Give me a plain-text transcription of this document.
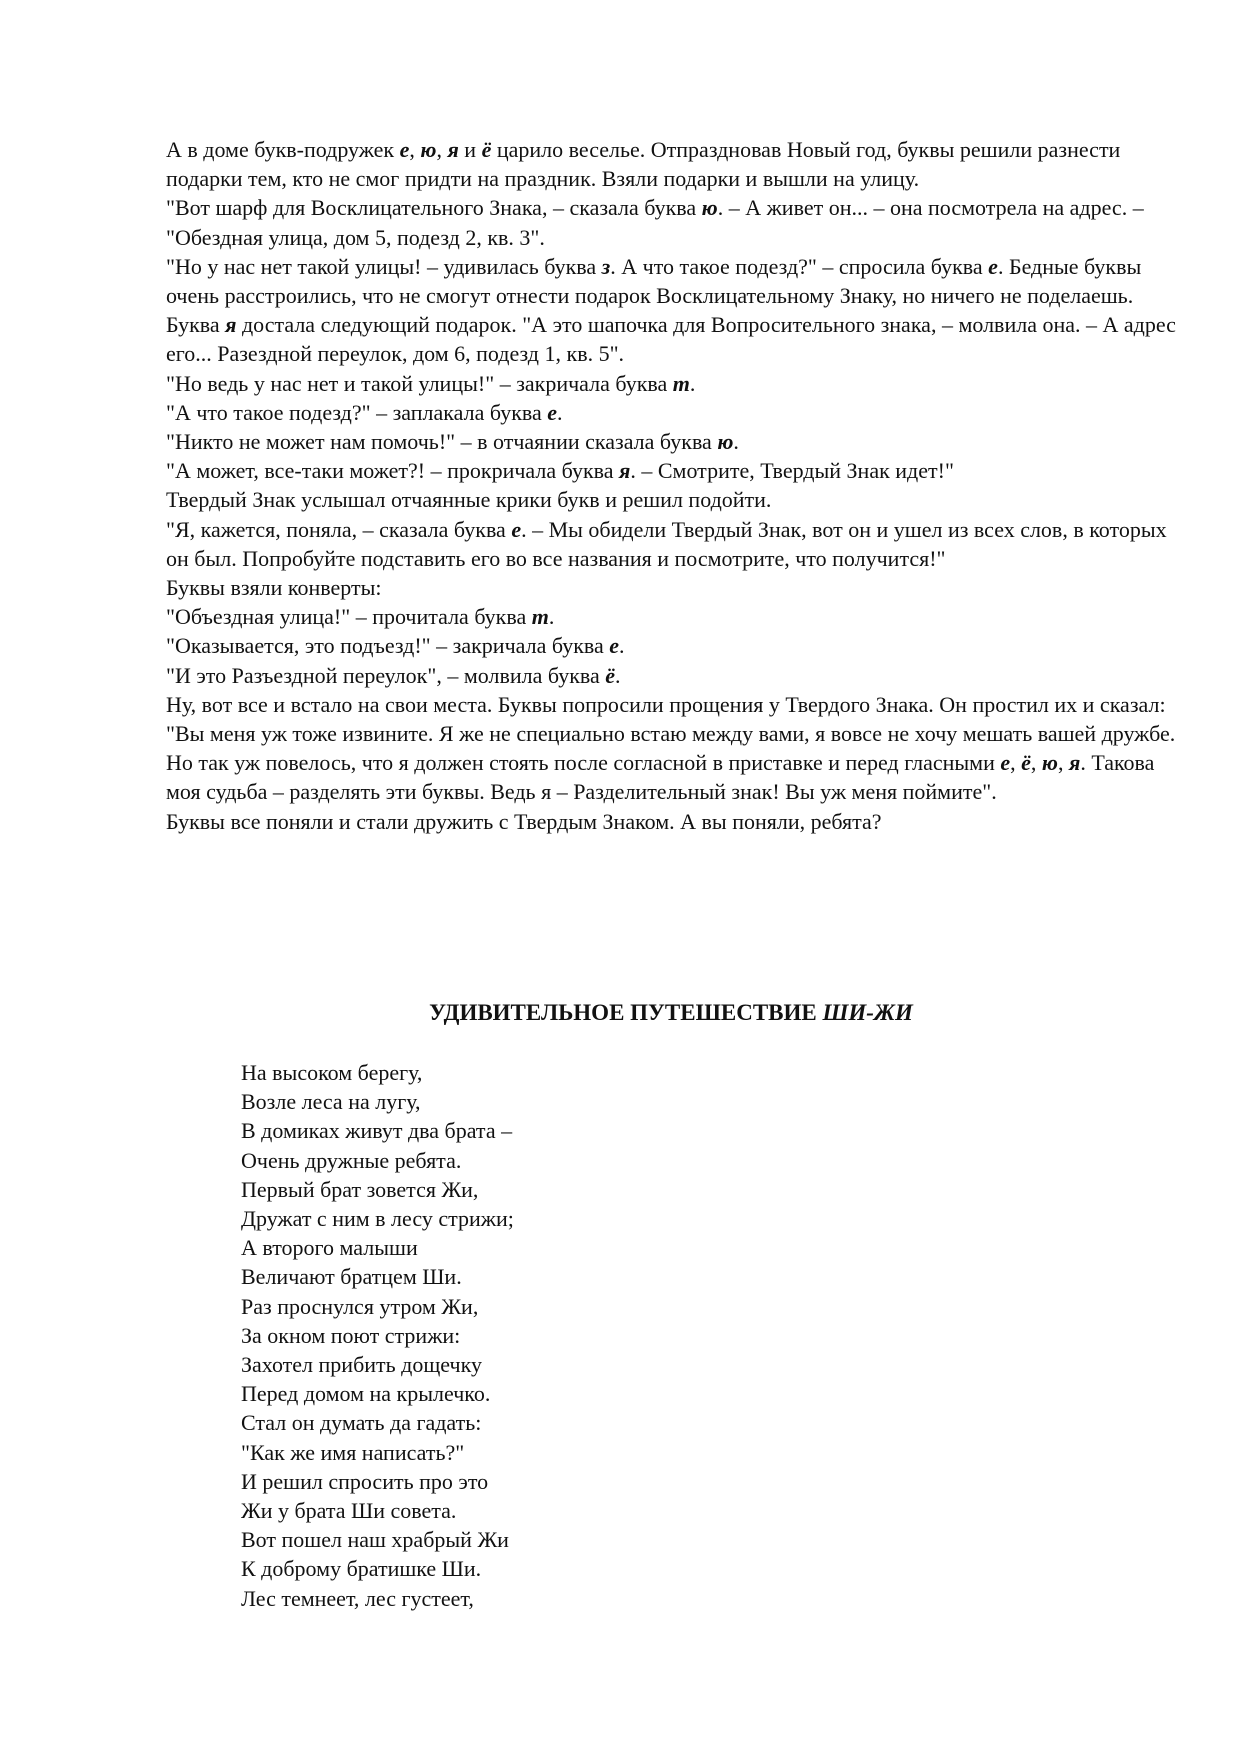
А в доме букв-подружек е, ю, я и ё царило веселье. Отпраздновав Новый год, буквы решили разнести подарки тем, кто не смог придти на праздник. Взяли подарки и вышли на улицу.

"Вот шарф для Восклицательного Знака, – сказала буква ю. – А живет он... – она посмотрела на адрес. – "Обездная улица, дом 5, подезд 2, кв. 3".

"Но у нас нет такой улицы! – удивилась буква з. А что такое подезд?" – спросила буква е. Бедные буквы очень расстроились, что не смогут отнести подарок Восклицательному Знаку, но ничего не поделаешь.

Буква я достала следующий подарок. "А это шапочка для Вопросительного знака, – молвила она. – А адрес его... Разездной переулок, дом 6, подезд 1, кв. 5".

"Но ведь у нас нет и такой улицы!" – закричала буква т.

"А что такое подезд?" – заплакала буква е.

"Никто не может нам помочь!" – в отчаянии сказала буква ю.

"А может, все-таки может?! – прокричала буква я. – Смотрите, Твердый Знак идет!"

Твердый Знак услышал отчаянные крики букв и решил подойти.

"Я, кажется, поняла, – сказала буква е. – Мы обидели Твердый Знак, вот он и ушел из всех слов, в которых он был. Попробуйте подставить его во все названия и посмотрите, что получится!"

Буквы взяли конверты:

"Объездная улица!" – прочитала буква т.

"Оказывается, это подъезд!" – закричала буква е.

"И это Разъездной переулок", – молвила буква ё.

Ну, вот все и встало на свои места. Буквы попросили прощения у Твердого Знака. Он простил их и сказал: "Вы меня уж тоже извините. Я же не специально встаю между вами, я вовсе не хочу мешать вашей дружбе. Но так уж повелось, что я должен стоять после согласной в приставке и перед гласными е, ё, ю, я. Такова моя судьба – разделять эти буквы. Ведь я – Разделительный знак! Вы уж меня поймите".

Буквы все поняли и стали дружить с Твердым Знаком. А вы поняли, ребята?

УДИВИТЕЛЬНОЕ ПУТЕШЕСТВИЕ ШИ-ЖИ

На высоком берегу,

Возле леса на лугу,

В домиках живут два брата –

Очень дружные ребята.

Первый брат зовется Жи,

Дружат с ним в лесу стрижи;

А второго малыши

Величают братцем Ши.

Раз проснулся утром Жи,

За окном поют стрижи:

Захотел прибить дощечку

Перед домом на крылечко.

Стал он думать да гадать:

"Как же имя написать?"

И решил спросить про это

Жи у брата Ши совета.

Вот пошел наш храбрый Жи

К доброму братишке Ши.

Лес темнеет, лес густеет,
